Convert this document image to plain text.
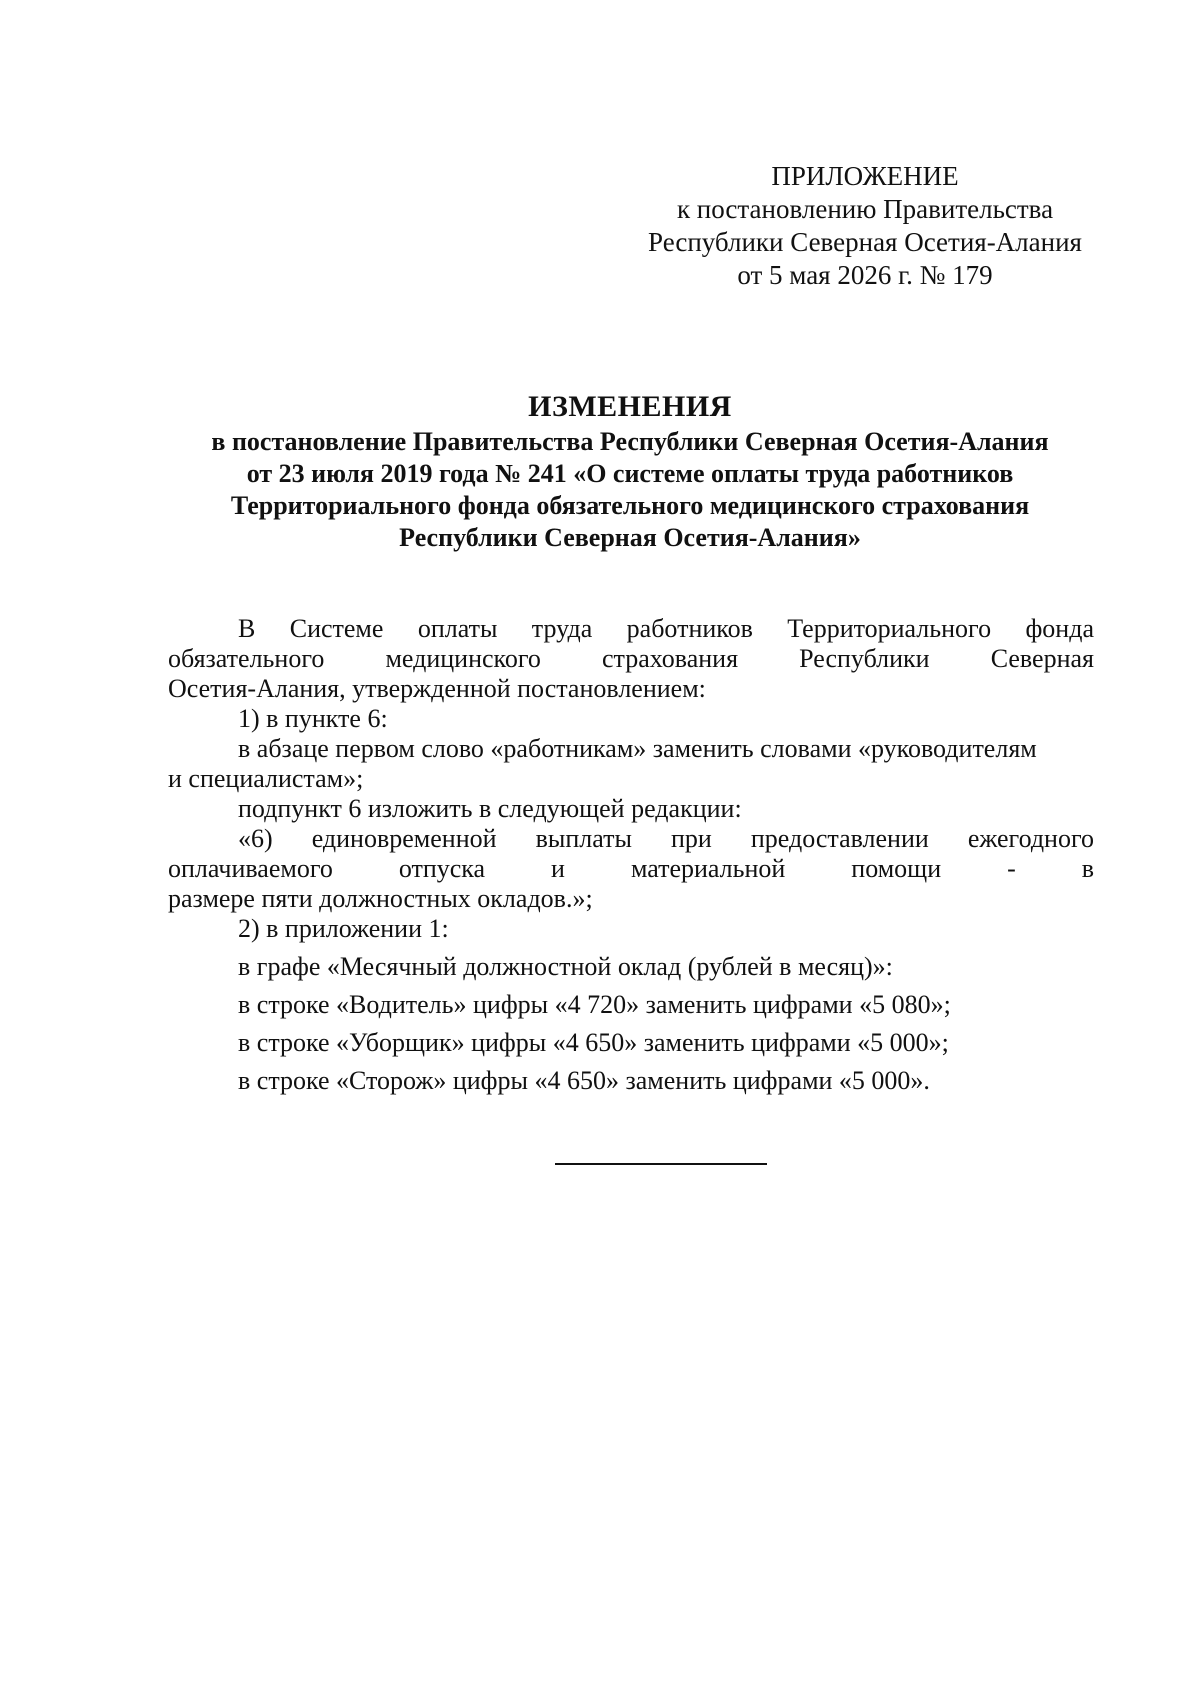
ПРИЛОЖЕНИЕ
к постановлению Правительства
Республики Северная Осетия-Алания
от 5 мая 2026 г. № 179
ИЗМЕНЕНИЯ
в постановление Правительства Республики Северная Осетия-Алания
от 23 июля 2019 года № 241 «О системе оплаты труда работников
Территориального фонда обязательного медицинского страхования
Республики Северная Осетия-Алания»
В Системе оплаты труда работников Территориального фонда
обязательного медицинского страхования Республики Северная
Осетия-Алания, утвержденной постановлением:
1) в пункте 6:
в абзаце первом слово «работникам» заменить словами «руководителям
и специалистам»;
подпункт 6 изложить в следующей редакции:
«6) единовременной выплаты при предоставлении ежегодного
оплачиваемого отпуска и материальной помощи - в
размере пяти должностных окладов.»;
2) в приложении 1:
в графе «Месячный должностной оклад (рублей в месяц)»:
в строке «Водитель» цифры «4 720» заменить цифрами «5 080»;
в строке «Уборщик» цифры «4 650» заменить цифрами «5 000»;
в строке «Сторож» цифры «4 650» заменить цифрами «5 000».
